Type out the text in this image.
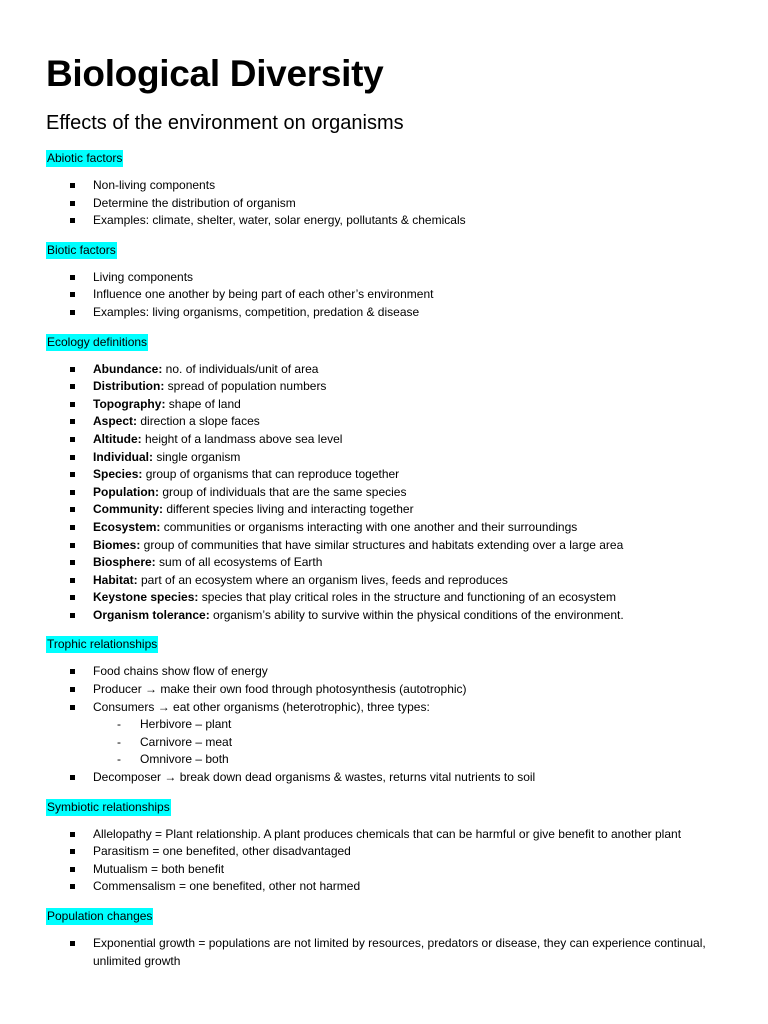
Biological Diversity
Effects of the environment on organisms
Abiotic factors
Non-living components
Determine the distribution of organism
Examples: climate, shelter, water, solar energy, pollutants & chemicals
Biotic factors
Living components
Influence one another by being part of each other’s environment
Examples: living organisms, competition, predation & disease
Ecology definitions
Abundance: no. of individuals/unit of area
Distribution: spread of population numbers
Topography: shape of land
Aspect: direction a slope faces
Altitude: height of a landmass above sea level
Individual: single organism
Species: group of organisms that can reproduce together
Population: group of individuals that are the same species
Community: different species living and interacting together
Ecosystem: communities or organisms interacting with one another and their surroundings
Biomes: group of communities that have similar structures and habitats extending over a large area
Biosphere: sum of all ecosystems of Earth
Habitat: part of an ecosystem where an organism lives, feeds and reproduces
Keystone species: species that play critical roles in the structure and functioning of an ecosystem
Organism tolerance: organism’s ability to survive within the physical conditions of the environment.
Trophic relationships
Food chains show flow of energy
Producer → make their own food through photosynthesis (autotrophic)
Consumers → eat other organisms (heterotrophic), three types:
- Herbivore – plant
- Carnivore – meat
- Omnivore – both
Decomposer → break down dead organisms & wastes, returns vital nutrients to soil
Symbiotic relationships
Allelopathy = Plant relationship. A plant produces chemicals that can be harmful or give benefit to another plant
Parasitism = one benefited, other disadvantaged
Mutualism = both benefit
Commensalism = one benefited, other not harmed
Population changes
Exponential growth = populations are not limited by resources, predators or disease, they can experience continual, unlimited growth
